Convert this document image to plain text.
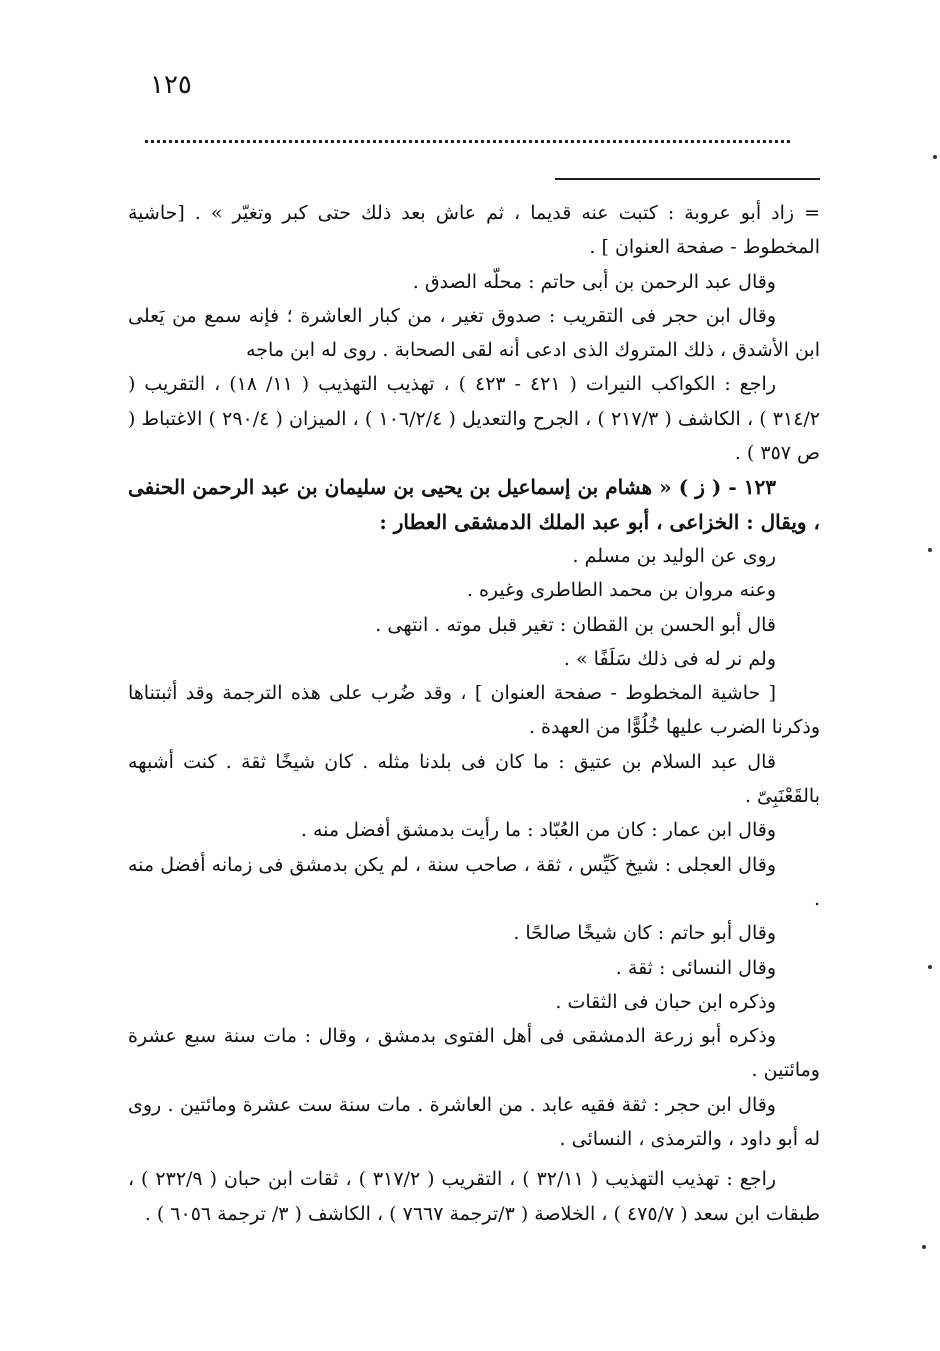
١٢٥

= زاد أبو عروبة : كتبت عنه قديما ، ثم عاش بعد ذلك حتى كبر وتغيّر » . [حاشية المخطوط - صفحة العنوان ] .

وقال عبد الرحمن بن أبى حاتم : محلّه الصدق .

وقال ابن حجر فى التقريب : صدوق تغير ، من كبار العاشرة ؛ فإنه سمع من يَعلى ابن الأشدق ، ذلك المتروك الذى ادعى أنه لقى الصحابة . روى له ابن ماجه

راجع : الكواكب النيرات ( ٤٢١ - ٤٢٣ ) ، تهذيب التهذيب ( ١١/ ١٨) ، التقريب ( ٣١٤/٢ ) ، الكاشف ( ٢١٧/٣ ) ، الجرح والتعديل ( ١٠٦/٢/٤ ) ، الميزان ( ٢٩٠/٤ ) الاغتباط ( ص ٣٥٧ ) .

١٢٣ - ( ز ) « هشام بن إسماعيل بن يحيى بن سليمان بن عبد الرحمن الحنفى ، ويقال : الخزاعى ، أبو عبد الملك الدمشقى العطار :

روى عن الوليد بن مسلم .

وعنه مروان بن محمد الطاطرى وغيره .

قال أبو الحسن بن القطان : تغير قبل موته . انتهى .

ولم نر له فى ذلك سَلَفًا » .

[ حاشية المخطوط - صفحة العنوان ] ، وقد ضُرب على هذه الترجمة وقد أثبتناها وذكرنا الضرب عليها خُلُوًّا من العهدة .

قال عبد السلام بن عتيق : ما كان فى بلدنا مثله . كان شيخًا ثقة . كنت أشبهه بالقَعْنَبِىّ .

وقال ابن عمار : كان من العُبّاد : ما رأيت بدمشق أفضل منه .

وقال العجلى : شيخ كَيِّس ، ثقة ، صاحب سنة ، لم يكن بدمشق فى زمانه أفضل منه .

وقال أبو حاتم : كان شيخًا صالحًا .

وقال النسائى : ثقة .

وذكره ابن حبان فى الثقات .

وذكره أبو زرعة الدمشقى فى أهل الفتوى بدمشق ، وقال : مات سنة سبع عشرة ومائتين .

وقال ابن حجر : ثقة فقيه عابد . من العاشرة . مات سنة ست عشرة ومائتين . روى له أبو داود ، والترمذى ، النسائى .

راجع : تهذيب التهذيب ( ٣٢/١١ ) ، التقريب ( ٣١٧/٢ ) ، ثقات ابن حبان ( ٢٣٢/٩ ) ، طبقات ابن سعد ( ٤٧٥/٧ ) ، الخلاصة ( ٣/ترجمة ٧٦٦٧ ) ، الكاشف ( ٣/ ترجمة ٦٠٥٦ ) .
